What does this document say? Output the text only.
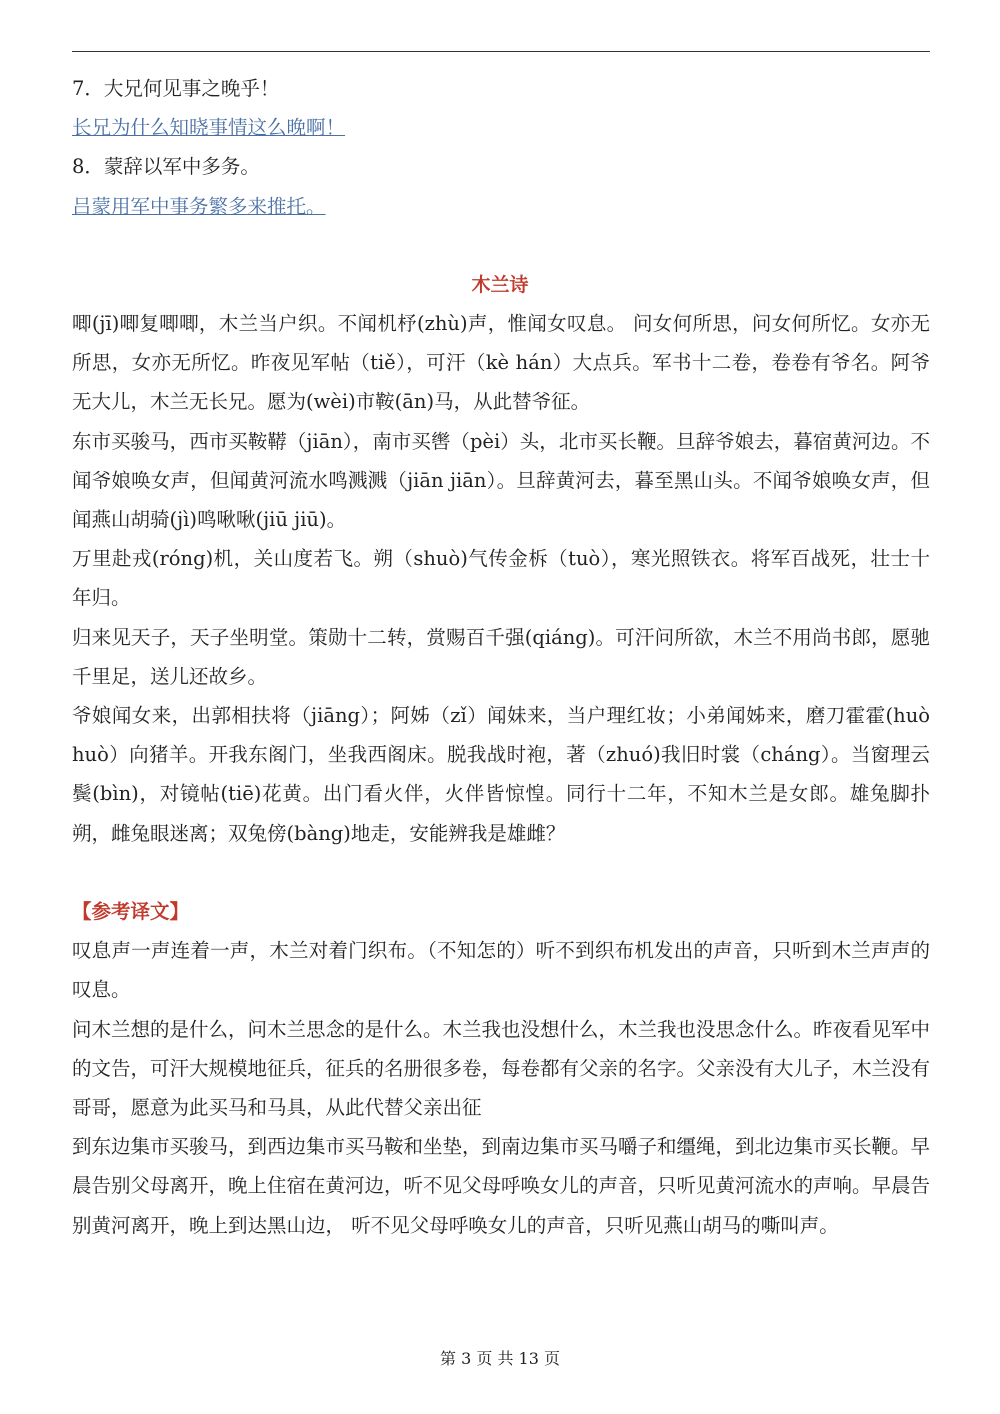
7．大兄何见事之晚乎！

长兄为什么知晓事情这么晚啊！

8．蒙辞以军中多务。

吕蒙用军中事务繁多来推托。

木兰诗

唧(jī)唧复唧唧，木兰当户织。不闻机杼(zhù)声，惟闻女叹息。 问女何所思，问女何所忆。女亦无所思，女亦无所忆。昨夜见军帖（tiě），可汗（kè hán）大点兵。军书十二卷，卷卷有爷名。阿爷无大儿，木兰无长兄。愿为(wèi)市鞍(ān)马，从此替爷征。

东市买骏马，西市买鞍鞯（jiān），南市买辔（pèi）头，北市买长鞭。旦辞爷娘去，暮宿黄河边。不闻爷娘唤女声，但闻黄河流水鸣溅溅（jiān jiān）。旦辞黄河去，暮至黑山头。不闻爷娘唤女声，但闻燕山胡骑(jì)鸣啾啾(jiū jiū)。

万里赴戎(róng)机，关山度若飞。朔（shuò)气传金柝（tuò），寒光照铁衣。将军百战死，壮士十年归。

归来见天子，天子坐明堂。策勋十二转，赏赐百千强(qiáng)。可汗问所欲，木兰不用尚书郎，愿驰千里足，送儿还故乡。

爷娘闻女来，出郭相扶将（jiāng）；阿姊（zǐ）闻妹来，当户理红妆；小弟闻姊来，磨刀霍霍(huò huò）向猪羊。开我东阁门，坐我西阁床。脱我战时袍，著（zhuó)我旧时裳（cháng）。当窗理云鬓(bìn)，对镜帖(tiē)花黄。出门看火伴，火伴皆惊惶。同行十二年，不知木兰是女郎。雄兔脚扑朔，雌兔眼迷离；双兔傍(bàng)地走，安能辨我是雄雌？

【参考译文】

叹息声一声连着一声，木兰对着门织布。（不知怎的）听不到织布机发出的声音，只听到木兰声声的叹息。

问木兰想的是什么，问木兰思念的是什么。木兰我也没想什么，木兰我也没思念什么。昨夜看见军中的文告，可汗大规模地征兵，征兵的名册很多卷，每卷都有父亲的名字。父亲没有大儿子，木兰没有哥哥，愿意为此买马和马具，从此代替父亲出征

到东边集市买骏马，到西边集市买马鞍和坐垫，到南边集市买马嚼子和缰绳，到北边集市买长鞭。早晨告别父母离开，晚上住宿在黄河边，听不见父母呼唤女儿的声音，只听见黄河流水的声响。早晨告别黄河离开，晚上到达黑山边， 听不见父母呼唤女儿的声音，只听见燕山胡马的嘶叫声。

第 3 页 共 13 页
